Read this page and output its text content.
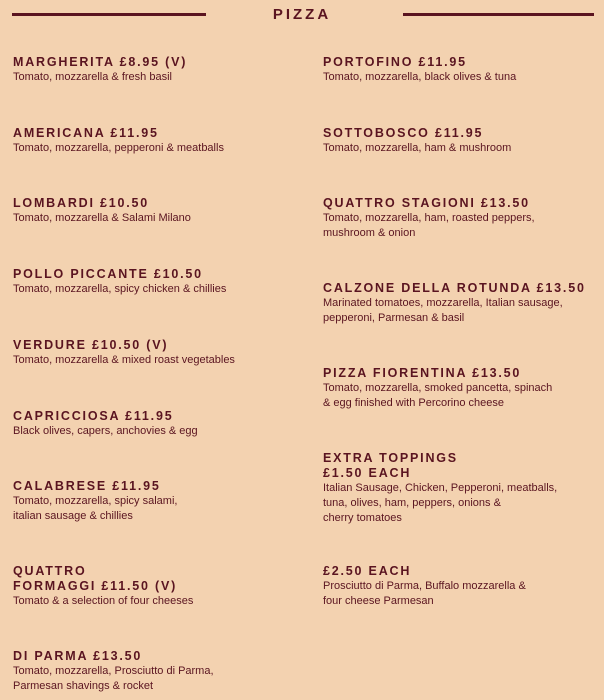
PIZZA
MARGHERITA £8.95 (V)
Tomato, mozzarella & fresh basil
AMERICANA £11.95
Tomato, mozzarella, pepperoni & meatballs
LOMBARDI £10.50
Tomato, mozzarella & Salami Milano
POLLO PICCANTE £10.50
Tomato, mozzarella, spicy chicken & chillies
VERDURE £10.50 (V)
Tomato, mozzarella & mixed roast vegetables
CAPRICCIOSA £11.95
Black olives, capers, anchovies & egg
CALABRESE £11.95
Tomato, mozzarella, spicy salami,
italian sausage & chillies
QUATTRO
FORMAGGI £11.50 (V)
Tomato & a selection of four cheeses
DI PARMA £13.50
Tomato, mozzarella, Prosciutto di Parma,
Parmesan shavings & rocket
PORTOFINO £11.95
Tomato, mozzarella, black olives & tuna
SOTTOBOSCO £11.95
Tomato, mozzarella, ham & mushroom
QUATTRO STAGIONI £13.50
Tomato, mozzarella, ham, roasted peppers,
mushroom & onion
CALZONE DELLA ROTUNDA £13.50
Marinated tomatoes, mozzarella, Italian sausage,
pepperoni, Parmesan & basil
PIZZA FIORENTINA £13.50
Tomato, mozzarella, smoked pancetta, spinach
& egg finished with Percorino cheese
EXTRA TOPPINGS
£1.50 EACH
Italian Sausage, Chicken, Pepperoni, meatballs,
tuna, olives, ham, peppers, onions &
cherry tomatoes
£2.50 EACH
Prosciutto di Parma, Buffalo mozzarella &
four cheese Parmesan
